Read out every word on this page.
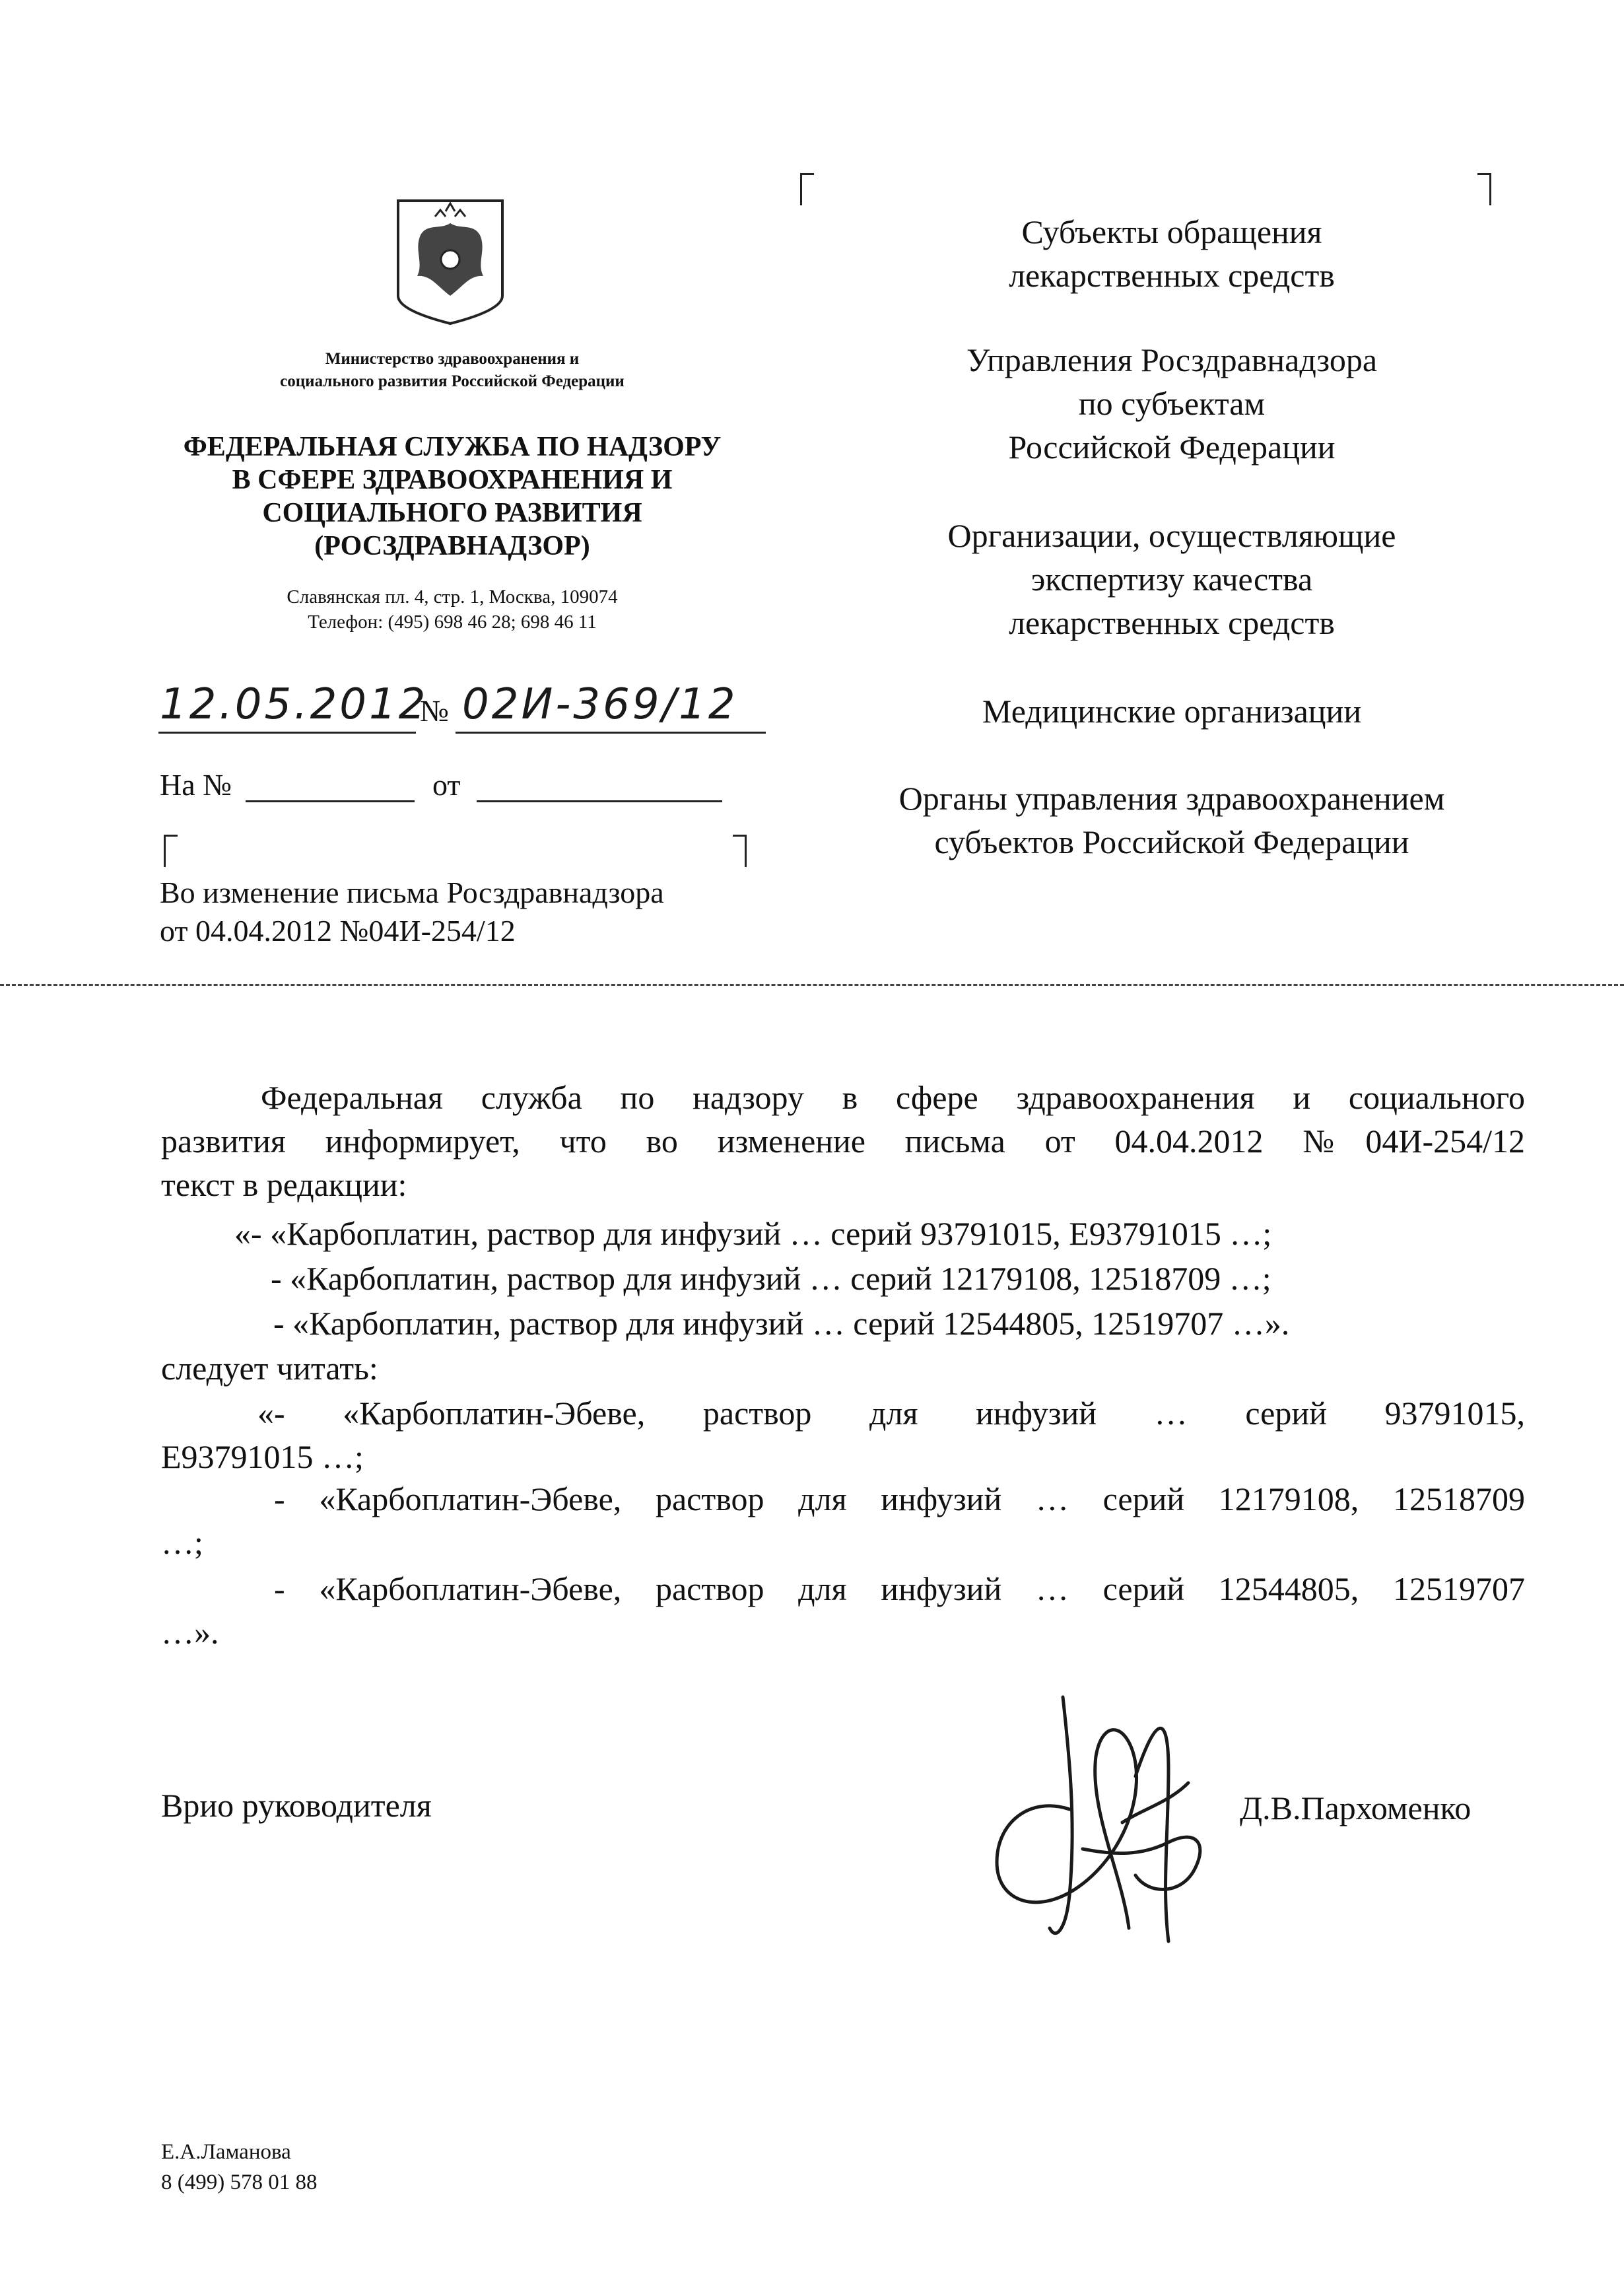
Министерство здравоохранения и
социального развития Российской Федерации
ФЕДЕРАЛЬНАЯ СЛУЖБА ПО НАДЗОРУ
В СФЕРЕ ЗДРАВООХРАНЕНИЯ И
СОЦИАЛЬНОГО РАЗВИТИЯ
(РОСЗДРАВНАДЗОР)
Славянская пл. 4, стр. 1, Москва, 109074
Телефон: (495) 698 46 28; 698 46 11
12.05.2012
№ 02И-369/12
На №	от
Во изменение письма Росздравнадзора
от 04.04.2012 №04И-254/12
Субъекты обращения
лекарственных средств
Управления Росздравнадзора
по субъектам
Российской Федерации
Организации, осуществляющие
экспертизу качества
лекарственных средств
Медицинские организации
Органы управления здравоохранением
субъектов Российской Федерации
Федеральная служба по надзору в сфере здравоохранения и социального
развития информирует, что во изменение письма от 04.04.2012 №04И-254/12
текст в редакции:
«- «Карбоплатин, раствор для инфузий … серий 93791015, Е93791015 …;
- «Карбоплатин, раствор для инфузий … серий 12179108, 12518709 …;
- «Карбоплатин, раствор для инфузий … серий 12544805, 12519707 …».
следует читать:
«- «Карбоплатин-Эбеве, раствор для инфузий … серий 93791015,
Е93791015 …;
- «Карбоплатин-Эбеве, раствор для инфузий … серий 12179108, 12518709
…;
- «Карбоплатин-Эбеве, раствор для инфузий … серий 12544805, 12519707
…».
Врио руководителя	Д.В.Пархоменко
Е.А.Ламанова
8 (499) 578 01 88
